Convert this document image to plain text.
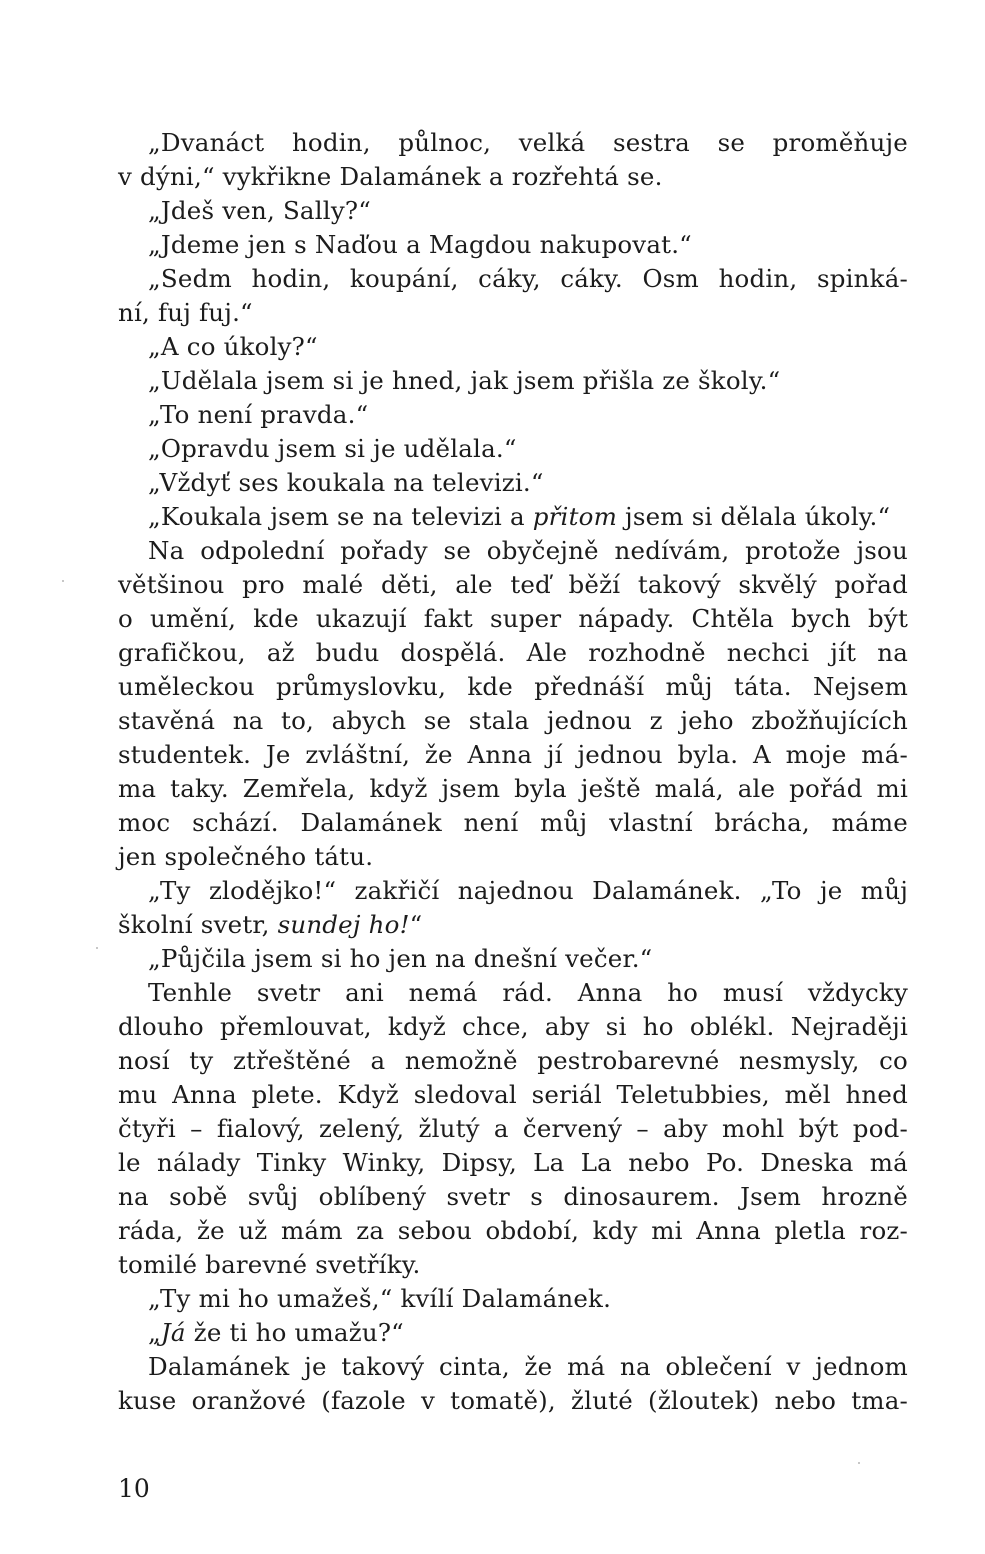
„Dvanáct hodin, půlnoc, velká sestra se proměňuje
v dýni,“ vykřikne Dalamánek a rozřehtá se.
„Jdeš ven, Sally?“
„Jdeme jen s Naďou a Magdou nakupovat.“
„Sedm hodin, koupání, cáky, cáky. Osm hodin, spinká-
ní, fuj fuj.“
„A co úkoly?“
„Udělala jsem si je hned, jak jsem přišla ze školy.“
„To není pravda.“
„Opravdu jsem si je udělala.“
„Vždyť ses koukala na televizi.“
„Koukala jsem se na televizi a přitom jsem si dělala úkoly.“
Na odpolední pořady se obyčejně nedívám, protože jsou
většinou pro malé děti, ale teď běží takový skvělý pořad
o umění, kde ukazují fakt super nápady. Chtěla bych být
grafičkou, až budu dospělá. Ale rozhodně nechci jít na
uměleckou průmyslovku, kde přednáší můj táta. Nejsem
stavěná na to, abych se stala jednou z jeho zbožňujících
studentek. Je zvláštní, že Anna jí jednou byla. A moje má-
ma taky. Zemřela, když jsem byla ještě malá, ale pořád mi
moc schází. Dalamánek není můj vlastní brácha, máme
jen společného tátu.
„Ty zlodějko!“ zakřičí najednou Dalamánek. „To je můj
školní svetr, sundej ho!“
„Půjčila jsem si ho jen na dnešní večer.“
Tenhle svetr ani nemá rád. Anna ho musí vždycky
dlouho přemlouvat, když chce, aby si ho oblékl. Nejraději
nosí ty ztřeštěné a nemožně pestrobarevné nesmysly, co
mu Anna plete. Když sledoval seriál Teletubbies, měl hned
čtyři – fialový, zelený, žlutý a červený – aby mohl být pod-
le nálady Tinky Winky, Dipsy, La La nebo Po. Dneska má
na sobě svůj oblíbený svetr s dinosaurem. Jsem hrozně
ráda, že už mám za sebou období, kdy mi Anna pletla roz-
tomilé barevné svetříky.
„Ty mi ho umažeš,“ kvílí Dalamánek.
„Já že ti ho umažu?“
Dalamánek je takový cinta, že má na oblečení v jednom
kuse oranžové (fazole v tomatě), žluté (žloutek) nebo tma-
10
